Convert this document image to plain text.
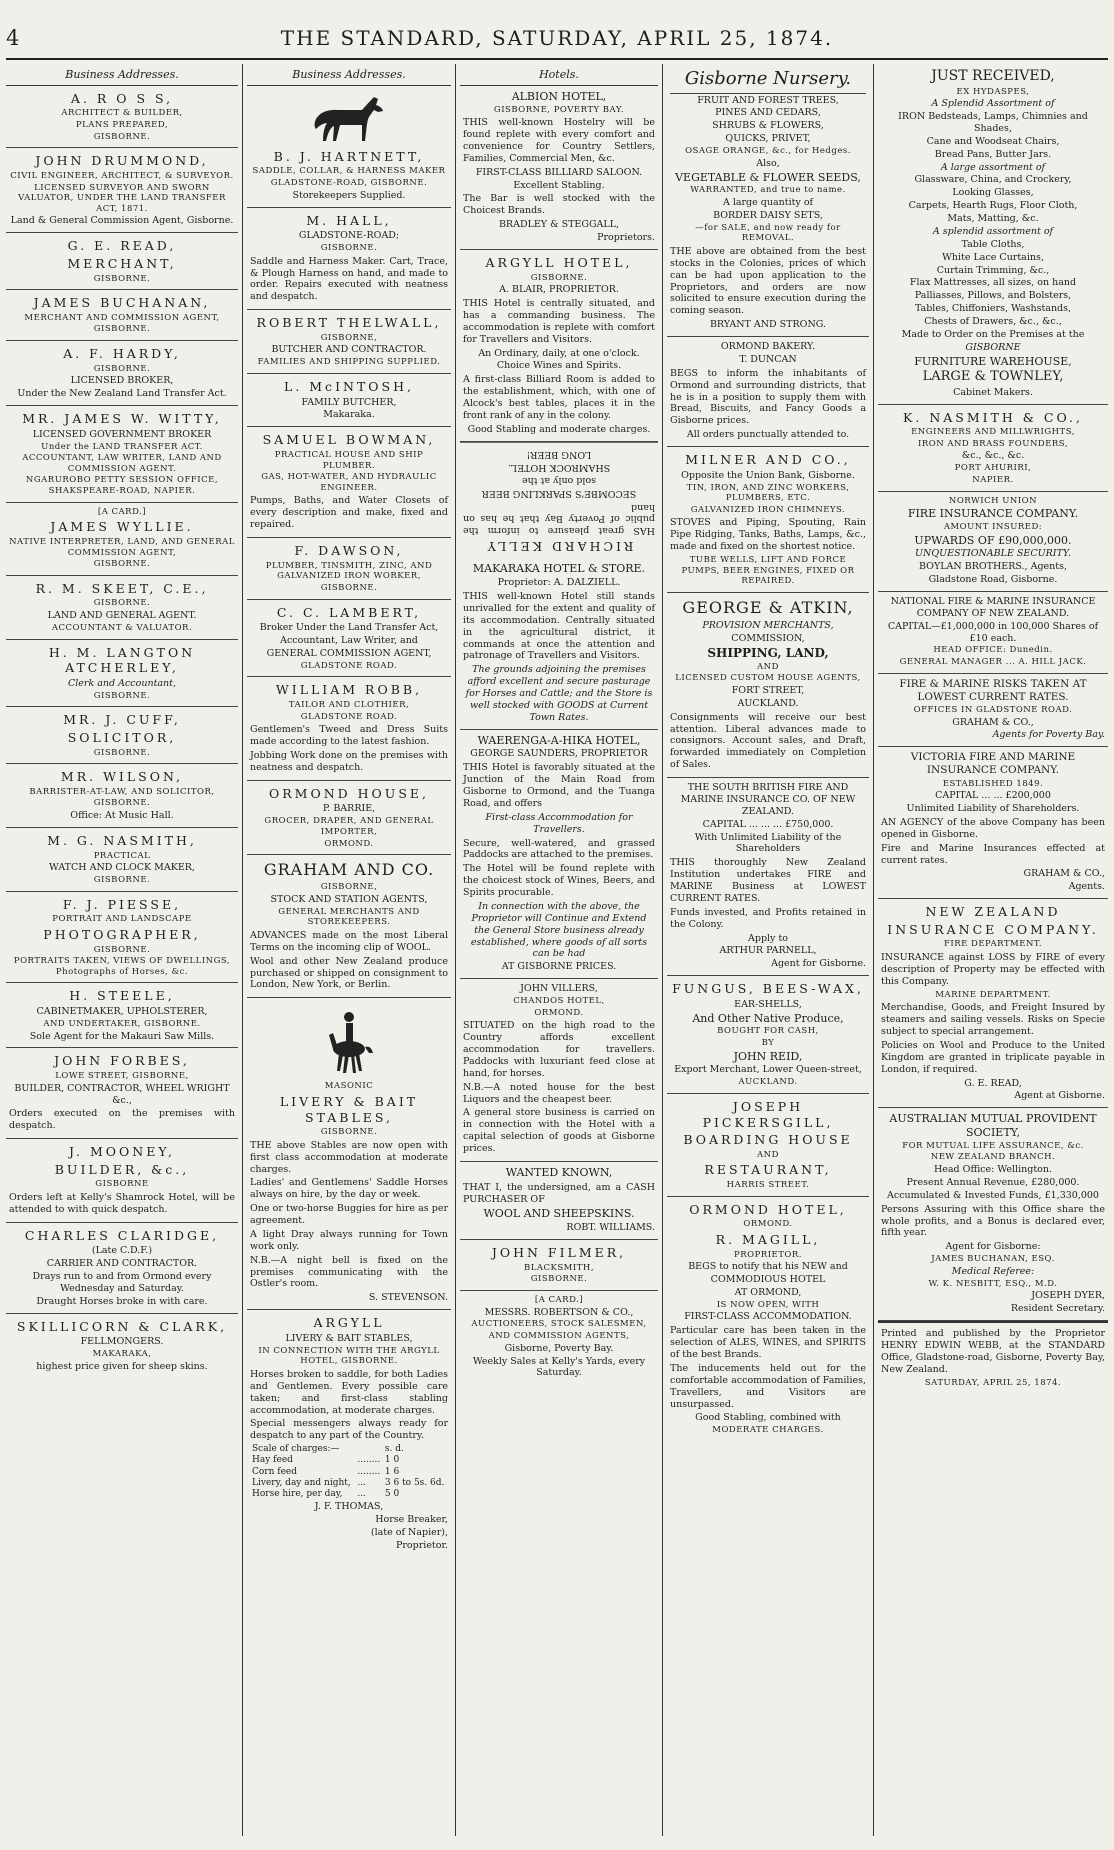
4	THE STANDARD, SATURDAY, APRIL 25, 1874.
Business Addresses.
A. R O S S,
ARCHITECT & BUILDER,
PLANS PREPARED,
GISBORNE.
JOHN DRUMMOND,
CIVIL ENGINEER, ARCHITECT, & SURVEYOR.
LICENSED SURVEYOR AND SWORN VALUATOR, UNDER THE LAND TRANSFER ACT, 1871.
Land & General Commission Agent, Gisborne.
G. E. READ,
MERCHANT,
GISBORNE.
JAMES BUCHANAN,
MERCHANT AND COMMISSION AGENT,
GISBORNE.
A. F. HARDY,
GISBORNE.
LICENSED BROKER,
Under the New Zealand Land Transfer Act.
MR. JAMES W. WITTY,
LICENSED GOVERNMENT BROKER
Under the LAND TRANSFER ACT.
ACCOUNTANT, LAW WRITER, LAND AND COMMISSION AGENT.
NGARUROBO PETTY SESSION OFFICE, SHAKSPEARE-ROAD, NAPIER.
[A CARD.]
JAMES WYLLIE.
NATIVE INTERPRETER, LAND, AND GENERAL COMMISSION AGENT,
GISBORNE.
R. M. SKEET, C.E.,
GISBORNE.
LAND AND GENERAL AGENT.
ACCOUNTANT & VALUATOR.
H. M. LANGTON ATCHERLEY,
Clerk and Accountant,
GISBORNE.
MR. J. CUFF,
SOLICITOR,
GISBORNE.
MR. WILSON,
BARRISTER-AT-LAW, AND SOLICITOR,
GISBORNE.
Office: At Music Hall.
M. G. NASMITH,
PRACTICAL
WATCH AND CLOCK MAKER,
GISBORNE.
F. J. PIESSE,
PORTRAIT AND LANDSCAPE
PHOTOGRAPHER,
GISBORNE.
PORTRAITS TAKEN, VIEWS OF DWELLINGS, Photographs of Horses, &c.
H. STEELE,
CABINETMAKER, UPHOLSTERER,
AND UNDERTAKER, GISBORNE.
Sole Agent for the Makauri Saw Mills.
JOHN FORBES,
LOWE STREET, GISBORNE,
BUILDER, CONTRACTOR, WHEEL WRIGHT &c.,
Orders executed on the premises with despatch.
J. MOONEY,
BUILDER, &c.,
GISBORNE
Orders left at Kelly's Shamrock Hotel, will be attended to with quick despatch.
CHARLES CLARIDGE,
(Late C.D.F.)
CARRIER AND CONTRACTOR.
Drays run to and from Ormond every Wednesday and Saturday.
Draught Horses broke in with care.
SKILLICORN & CLARK,
FELLMONGERS.
MAKARAKA,
highest price given for sheep skins.
Business Addresses.
B. J. HARTNETT,
SADDLE, COLLAR, & HARNESS MAKER
GLADSTONE-ROAD, GISBORNE.
Storekeepers Supplied.
M. HALL,
GLADSTONE-ROAD;
GISBORNE.
Saddle and Harness Maker. Cart, Trace, & Plough Harness on hand, and made to order. Repairs executed with neatness and despatch.
ROBERT THELWALL,
GISBORNE,
BUTCHER AND CONTRACTOR.
FAMILIES AND SHIPPING SUPPLIED.
L. McINTOSH,
FAMILY BUTCHER,
Makaraka.
SAMUEL BOWMAN,
PRACTICAL HOUSE AND SHIP PLUMBER.
GAS, HOT-WATER, AND HYDRAULIC ENGINEER.
Pumps, Baths, and Water Closets of every description and make, fixed and repaired.
F. DAWSON,
PLUMBER, TINSMITH, ZINC, AND GALVANIZED IRON WORKER,
GISBORNE.
C. C. LAMBERT,
Broker Under the Land Transfer Act,
Accountant, Law Writer, and
GENERAL COMMISSION AGENT,
GLADSTONE ROAD.
WILLIAM ROBB,
TAILOR AND CLOTHIER,
GLADSTONE ROAD.
Gentlemen's Tweed and Dress Suits made according to the latest fashion.
Jobbing Work done on the premises with neatness and despatch.
ORMOND HOUSE,
P. BARRIE,
GROCER, DRAPER, AND GENERAL IMPORTER,
ORMOND.
GRAHAM AND CO.
GISBORNE,
STOCK AND STATION AGENTS,
GENERAL MERCHANTS AND STOREKEEPERS.
ADVANCES made on the most Liberal Terms on the incoming clip of WOOL.
Wool and other New Zealand produce purchased or shipped on consignment to London, New York, or Berlin.
MASONIC
LIVERY & BAIT STABLES,
GISBORNE.
THE above Stables are now open with first class accommodation at moderate charges.
Ladies' and Gentlemens' Saddle Horses always on hire, by the day or week.
One or two-horse Buggies for hire as per agreement.
A light Dray always running for Town work only.
N.B.—A night bell is fixed on the premises communicating with the Ostler's room.
S. STEVENSON.
ARGYLL
LIVERY & BAIT STABLES,
IN CONNECTION WITH THE ARGYLL HOTEL, GISBORNE.
Horses broken to saddle, for both Ladies and Gentlemen. Every possible care taken; and first-class stabling accommodation, at moderate charges.
Special messengers always ready for despatch to any part of the Country.
Scale of charges:—		s. d.
Hay feed	........	1 0
Corn feed	........	1 6
Livery, day and night,	...	3 6 to 5s. 6d.
Horse hire, per day,	...	5 0
J. F. THOMAS,
Horse Breaker,
(late of Napier),
Proprietor.
Hotels.
ALBION HOTEL,
GISBORNE, POVERTY BAY.
THIS well-known Hostelry will be found replete with every comfort and convenience for Country Settlers, Families, Commercial Men, &c.
FIRST-CLASS BILLIARD SALOON.
Excellent Stabling.
The Bar is well stocked with the Choicest Brands.
BRADLEY & STEGGALL,
Proprietors.
ARGYLL HOTEL,
GISBORNE.
A. BLAIR, PROPRIETOR.
THIS Hotel is centrally situated, and has a commanding business. The accommodation is replete with comfort for Travellers and Visitors.
An Ordinary, daily, at one o'clock.
Choice Wines and Spirits.
A first-class Billiard Room is added to the establishment, which, with one of Alcock's best tables, places it in the front rank of any in the colony.
Good Stabling and moderate charges.
RICHARD KELLY
HAS great pleasure to inform the public of Poverty Bay that he has on hand
SECOMBE'S SPARKLING BEER
sold only at the
SHAMROCK HOTEL.
LONG BEER!
MAKARAKA HOTEL & STORE.
Proprietor: A. DALZIELL.
THIS well-known Hotel still stands unrivalled for the extent and quality of its accommodation. Centrally situated in the agricultural district, it commands at once the attention and patronage of Travellers and Visitors.
The grounds adjoining the premises afford excellent and secure pasturage for Horses and Cattle; and the Store is well stocked with GOODS at Current Town Rates.
WAERENGA-A-HIKA HOTEL,
GEORGE SAUNDERS, PROPRIETOR
THIS Hotel is favorably situated at the Junction of the Main Road from Gisborne to Ormond, and the Tuanga Road, and offers
First-class Accommodation for Travellers.
Secure, well-watered, and grassed Paddocks are attached to the premises.
The Hotel will be found replete with the choicest stock of Wines, Beers, and Spirits procurable.
In connection with the above, the Proprietor will Continue and Extend the General Store business already established, where goods of all sorts can be had
AT GISBORNE PRICES.
JOHN VILLERS,
CHANDOS HOTEL,
ORMOND.
SITUATED on the high road to the Country affords excellent accommodation for travellers. Paddocks with luxuriant feed close at hand, for horses.
N.B.—A noted house for the best Liquors and the cheapest beer.
A general store business is carried on in connection with the Hotel with a capital selection of goods at Gisborne prices.
WANTED KNOWN,
THAT I, the undersigned, am a CASH PURCHASER OF
WOOL AND SHEEPSKINS.
ROBT. WILLIAMS.
JOHN FILMER,
BLACKSMITH,
GISBORNE.
[A CARD.]
MESSRS. ROBERTSON & CO.,
AUCTIONEERS, STOCK SALESMEN,
AND COMMISSION AGENTS,
Gisborne, Poverty Bay.
Weekly Sales at Kelly's Yards, every Saturday.
Gisborne Nursery.
FRUIT AND FOREST TREES,
PINES AND CEDARS,
SHRUBS & FLOWERS,
QUICKS, PRIVET,
OSAGE ORANGE, &c., for Hedges.
Also,
VEGETABLE & FLOWER SEEDS,
WARRANTED, and true to name.
A large quantity of
BORDER DAISY SETS,
—for SALE, and now ready for REMOVAL.
THE above are obtained from the best stocks in the Colonies, prices of which can be had upon application to the Proprietors, and orders are now solicited to ensure execution during the coming season.
BRYANT AND STRONG.
ORMOND BAKERY.
T. DUNCAN
BEGS to inform the inhabitants of Ormond and surrounding districts, that he is in a position to supply them with Bread, Biscuits, and Fancy Goods a Gisborne prices.
All orders punctually attended to.
MILNER AND CO.,
Opposite the Union Bank, Gisborne.
TIN, IRON, AND ZINC WORKERS, PLUMBERS, ETC.
GALVANIZED IRON CHIMNEYS.
STOVES and Piping, Spouting, Rain Pipe Ridging, Tanks, Baths, Lamps, &c., made and fixed on the shortest notice.
TUBE WELLS, LIFT AND FORCE PUMPS, BEER ENGINES, FIXED OR REPAIRED.
GEORGE & ATKIN,
PROVISION MERCHANTS,
COMMISSION,
SHIPPING, LAND,
AND
LICENSED CUSTOM HOUSE AGENTS,
FORT STREET,
AUCKLAND.
Consignments will receive our best attention. Liberal advances made to consignors. Account sales, and Draft, forwarded immediately on Completion of Sales.
THE SOUTH BRITISH FIRE AND MARINE INSURANCE CO. OF NEW ZEALAND.
CAPITAL ... ... ... £750,000.
With Unlimited Liability of the Shareholders
THIS thoroughly New Zealand Institution undertakes FIRE and MARINE Business at LOWEST CURRENT RATES.
Funds invested, and Profits retained in the Colony.
Apply to
ARTHUR PARNELL,
Agent for Gisborne.
FUNGUS, BEES-WAX,
EAR-SHELLS,
And Other Native Produce,
BOUGHT FOR CASH,
BY
JOHN REID,
Export Merchant, Lower Queen-street,
AUCKLAND.
JOSEPH PICKERSGILL,
BOARDING HOUSE
AND
RESTAURANT,
HARRIS STREET.
ORMOND HOTEL,
ORMOND.
R. MAGILL,
PROPRIETOR.
BEGS to notify that his NEW and
COMMODIOUS HOTEL
AT ORMOND,
IS NOW OPEN, WITH
FIRST-CLASS ACCOMMODATION.
Particular care has been taken in the selection of ALES, WINES, and SPIRITS of the best Brands.
The inducements held out for the comfortable accommodation of Families, Travellers, and Visitors are unsurpassed.
Good Stabling, combined with
MODERATE CHARGES.
JUST RECEIVED,
EX HYDASPES,
A Splendid Assortment of
IRON Bedsteads, Lamps, Chimnies and Shades,
Cane and Woodseat Chairs,
Bread Pans, Butter Jars.
A large assortment of
Glassware, China, and Crockery,
Looking Glasses,
Carpets, Hearth Rugs, Floor Cloth,
Mats, Matting, &c.
A splendid assortment of
Table Cloths,
White Lace Curtains,
Curtain Trimming, &c.,
Flax Mattresses, all sizes, on hand
Palliasses, Pillows, and Bolsters,
Tables, Chiffoniers, Washstands,
Chests of Drawers, &c., &c.,
Made to Order on the Premises at the
GISBORNE
FURNITURE WAREHOUSE,
LARGE & TOWNLEY,
Cabinet Makers.
K. NASMITH & CO.,
ENGINEERS AND MILLWRIGHTS,
IRON AND BRASS FOUNDERS,
&c., &c., &c.
PORT AHURIRI,
NAPIER.
NORWICH UNION
FIRE INSURANCE COMPANY.
AMOUNT INSURED:
UPWARDS OF £90,000,000.
UNQUESTIONABLE SECURITY.
BOYLAN BROTHERS., Agents,
Gladstone Road, Gisborne.
NATIONAL FIRE & MARINE INSURANCE COMPANY OF NEW ZEALAND.
CAPITAL—£1,000,000 in 100,000 Shares of £10 each.
HEAD OFFICE: Dunedin.
GENERAL MANAGER ... A. HILL JACK.
FIRE & MARINE RISKS TAKEN AT LOWEST CURRENT RATES.
OFFICES IN GLADSTONE ROAD.
GRAHAM & CO.,
Agents for Poverty Bay.
VICTORIA FIRE AND MARINE INSURANCE COMPANY.
ESTABLISHED 1849.
CAPITAL ... ... £200,000
Unlimited Liability of Shareholders.
AN AGENCY of the above Company has been opened in Gisborne.
Fire and Marine Insurances effected at current rates.
GRAHAM & CO.,
Agents.
NEW ZEALAND
INSURANCE COMPANY.
FIRE DEPARTMENT.
INSURANCE against LOSS by FIRE of every description of Property may be effected with this Company.
MARINE DEPARTMENT.
Merchandise, Goods, and Freight Insured by steamers and sailing vessels. Risks on Specie subject to special arrangement.
Policies on Wool and Produce to the United Kingdom are granted in triplicate payable in London, if required.
G. E. READ,
Agent at Gisborne.
AUSTRALIAN MUTUAL PROVIDENT SOCIETY,
FOR MUTUAL LIFE ASSURANCE, &c.
NEW ZEALAND BRANCH.
Head Office: Wellington.
Present Annual Revenue, £280,000.
Accumulated & Invested Funds, £1,330,000
Persons Assuring with this Office share the whole profits, and a Bonus is declared ever, fifth year.
Agent for Gisborne:
JAMES BUCHANAN, ESQ.
Medical Referee:
W. K. NESBITT, ESQ., M.D.
JOSEPH DYER,
Resident Secretary.
Printed and published by the Proprietor HENRY EDWIN WEBB, at the STANDARD Office, Gladstone-road, Gisborne, Poverty Bay, New Zealand.
SATURDAY, APRIL 25, 1874.
